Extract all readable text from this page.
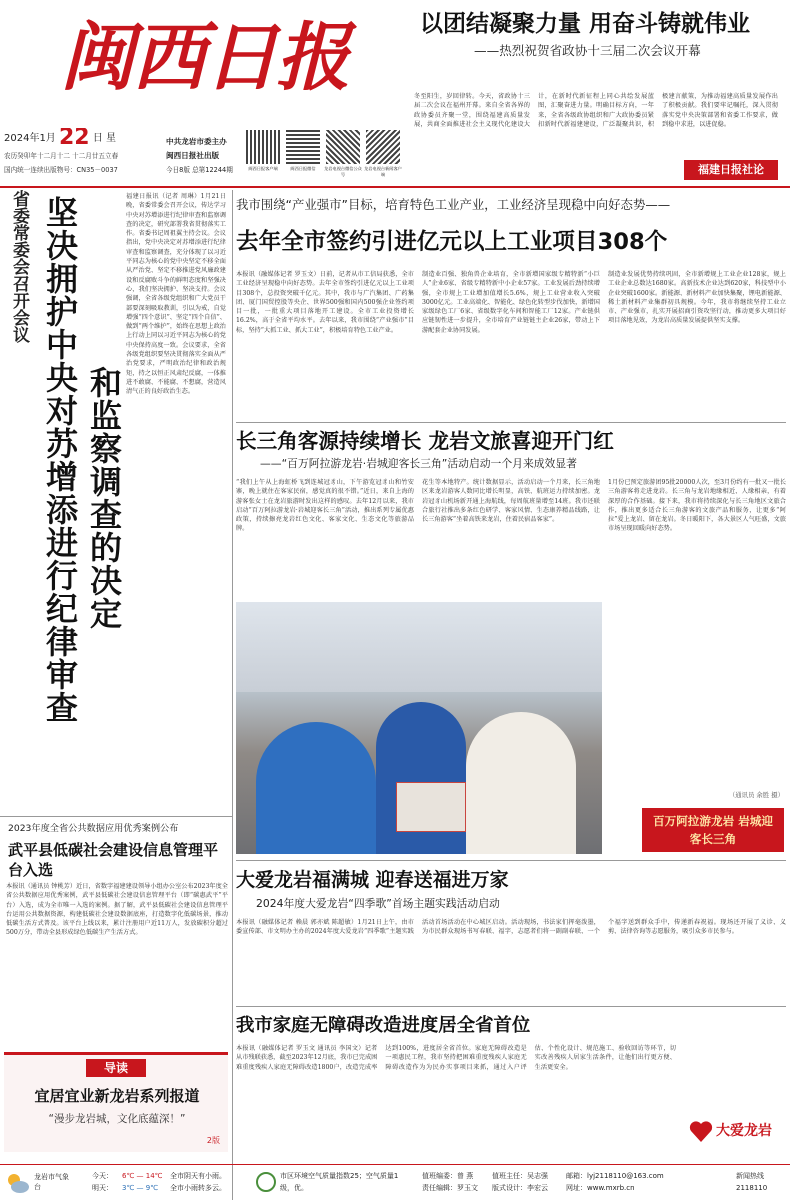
闽西日报
2024年1月 22 日 星
农历癸卯年十二月十二 十二月廿五立春
国内统一连续出版物号：CN35－0037
中共龙岩市委主办
闽西日报社出版
今日8版 总第12244期	闽西日报客户端	闽西日报微信	龙岩电视台微信公众号
龙岩电视台新闻客户端
以团结凝聚力量 用奋斗铸就伟业
——热烈祝贺省政协十三届二次会议开幕
冬至阳生，岁回律转。今天，省政协十三届二次会议在福州开幕。来自全省各界的政协委员齐聚一堂，围绕福建高质量发展，共商全面推进社会主义现代化建设大计，在新时代新征程上同心共绘发展蓝图，汇聚奋进力量。明确目标方向，一年来，全省各级政协组织和广大政协委员紧扣新时代新福建建设，广泛凝聚共识，积极建言献策，为推动福建高质量发展作出了积极贡献。我们要牢记嘱托，深入贯彻落实党中央决策部署和省委工作要求，做到稳中求进，以进促稳。
福建日报社论
省委常委会召开会议 坚决拥护中央对苏增添进行纪律审查 和监察调查的决定
福建日报讯（记者 周琳）1月21日晚，省委常委会召开会议，传达学习中央对苏增添进行纪律审查和监察调查的决定，研究部署我省贯彻落实工作。省委书记周祖翼主持会议。会议指出，党中央决定对苏增添进行纪律审查和监察调查，充分体现了以习近平同志为核心的党中央坚定不移全面从严治党、坚定不移推进党风廉政建设和反腐败斗争的鲜明态度和坚强决心，我们坚决拥护、坚决支持。会议强调，全省各级党组织和广大党员干部要深刻吸取教训，引以为戒，自觉增强“四个意识”、坚定“四个自信”、做到“两个维护”，始终在思想上政治上行动上同以习近平同志为核心的党中央保持高度一致。会议要求，全省各级党组织要坚决贯彻落实全面从严治党要求，严明政治纪律和政治规矩，持之以恒正风肃纪反腐，一体推进不敢腐、不能腐、不想腐，营造风清气正的良好政治生态。
2023年度全省公共数据应用优秀案例公布
武平县低碳社会建设信息管理平台入选
本报讯（通讯员 钟桃芳）近日，省数字福建建设领导小组办公室公布2023年度全省公共数据应用优秀案例，武平县低碳社会建设信息管理平台（即“碳惠武平”平台）入选，成为全市唯一入选的案例。据了解，武平县低碳社会建设信息管理平台运用公共数据资源，构建低碳社会建设数据底座，打造数字化低碳场景，推动低碳生活方式普及。该平台上线以来，累计注册用户近11万人，发放碳积分超过500万分，带动全县形成绿色低碳生产生活方式。
导读
宜居宜业新龙岩系列报道
“漫步龙岩城，文化底蕴深！”
2版
我市围绕“产业强市”目标，培育特色工业产业，工业经济呈现稳中向好态势——
去年全市签约引进亿元以上工业项目308个
本报讯（融媒体记者 罗玉文）日前，记者从市工信局获悉，全市工业经济呈现稳中向好态势。去年全市签约引进亿元以上工业项目308个，总投资突破千亿元。其中，我市与广汽集团、广药集团、厦门国贸控股等央企、世界500强和国内500强企业签约项目一批，一批重大项目落地开工建设。全市工业投资增长16.2%，高于全省平均水平。去年以来，我市围绕“产业强市”目标，坚持“大抓工业、抓大工业”，积极培育特色工业产业。
制造业百强、独角兽企业培育，全市新增国家级专精特新“小巨人”企业6家、省级专精特新中小企业57家。工业发展后劲持续增强，全市规上工业增加值增长5.6%，规上工业营业收入突破3000亿元。工业高端化、智能化、绿色化转型步伐加快，新增国家级绿色工厂6家、省级数字化车间和智能工厂12家。产业链供应链韧性进一步提升，全市培育产业链链主企业26家，带动上下游配套企业协同发展。
制造业发展优势持续巩固，全市新增规上工业企业128家，规上工业企业总数达1680家。高新技术企业达到620家，科技型中小企业突破1600家。新能源、新材料产业加快集聚，锂电新能源、稀土新材料产业集群初具规模。今年，我市将继续坚持工业立市、产业强市，扎实开展招商引资攻坚行动，推动更多大项目好项目落地见效，为龙岩高质量发展提供坚实支撑。
长三角客源持续增长 龙岩文旅喜迎开门红
——“百万阿拉游龙岩·岩城迎客长三角”活动启动一个月来成效显著
“我们上午从上海虹桥飞到连城冠豸山，下午游览冠豸山和竹安寨，晚上就住在客家民宿，感觉真的很不错。”近日，来自上海的游客张女士在龙岩旅游时发出这样的感叹。去年12月以来，我市启动“百万阿拉游龙岩·岩城迎客长三角”活动，推出系列专属优惠政策，持续擦亮龙岩红色文化、客家文化、生态文化等旅游品牌。
花生等本地特产。统计数据显示，活动启动一个月来，长三角地区来龙岩游客人数同比增长明显，高铁、航班运力持续加密。龙岩冠豸山机场新开通上海航线，每周航班量增至14班。我市还联合旅行社推出多条红色研学、客家风情、生态康养精品线路，让长三角游客“坐着高铁来龙岩，住着民宿品客家”。
1月份已预定旅游团95批20000人次，至3月份约有一批又一批长三角游客将走进龙岩。长三角与龙岩地缘相近、人缘相亲，有着深厚的合作基础。接下来，我市将持续深化与长三角地区文旅合作，推出更多适合长三角游客的文旅产品和服务，让更多“阿拉”爱上龙岩、留在龙岩。冬日暖阳下，各大景区人气旺盛，文旅市场呈现回暖向好态势。
百万阿拉游龙岩 岩城迎客长三角
（通讯员 余胜 摄）
大爱龙岩福满城 迎春送福进万家
2024年度大爱龙岩“四季歌”首场主题实践活动启动
本报讯（融媒体记者 赖晨 郭亦斌 陈超敏）1月21日上午，由市委宣传部、市文明办主办的2024年度大爱龙岩“四季歌”主题实践活动首场活动在中心城区启动。活动现场，书法家们挥毫泼墨，为市民群众现场书写春联、福字，志愿者们将一副副春联、一个个福字送到群众手中，传递新春祝福。现场还开展了义诊、义剪、法律咨询等志愿服务，吸引众多市民参与。
我市家庭无障碍改造进度居全省首位
本报讯（融媒体记者 罗玉文 通讯员 李国文）记者从市残联获悉，截至2023年12月底，我市已完成困难重度残疾人家庭无障碍改造1800户，改造完成率达到100%，进度居全省首位。家庭无障碍改造是一项惠民工程，我市坚持把困难重度残疾人家庭无障碍改造作为为民办实事项目来抓，通过入户评估、个性化设计、规范施工、验收回访等环节，切实改善残疾人居家生活条件，让他们出行更方便、生活更安全。
大爱龙岩
龙岩市气象台
今天：	6℃ — 14℃	全市阴天有小雨。
明天：	3℃ — 9℃	全市小雨转多云。
市区环境空气质量指数25；空气质量1级，优。
值班编委：曾 燕	值班主任：吴志强
责任编辑：罗玉文	版式设计：李宏云
邮箱：lyj2118110@163.com
网址：www.mxrb.cn
新闻热线
2118110
